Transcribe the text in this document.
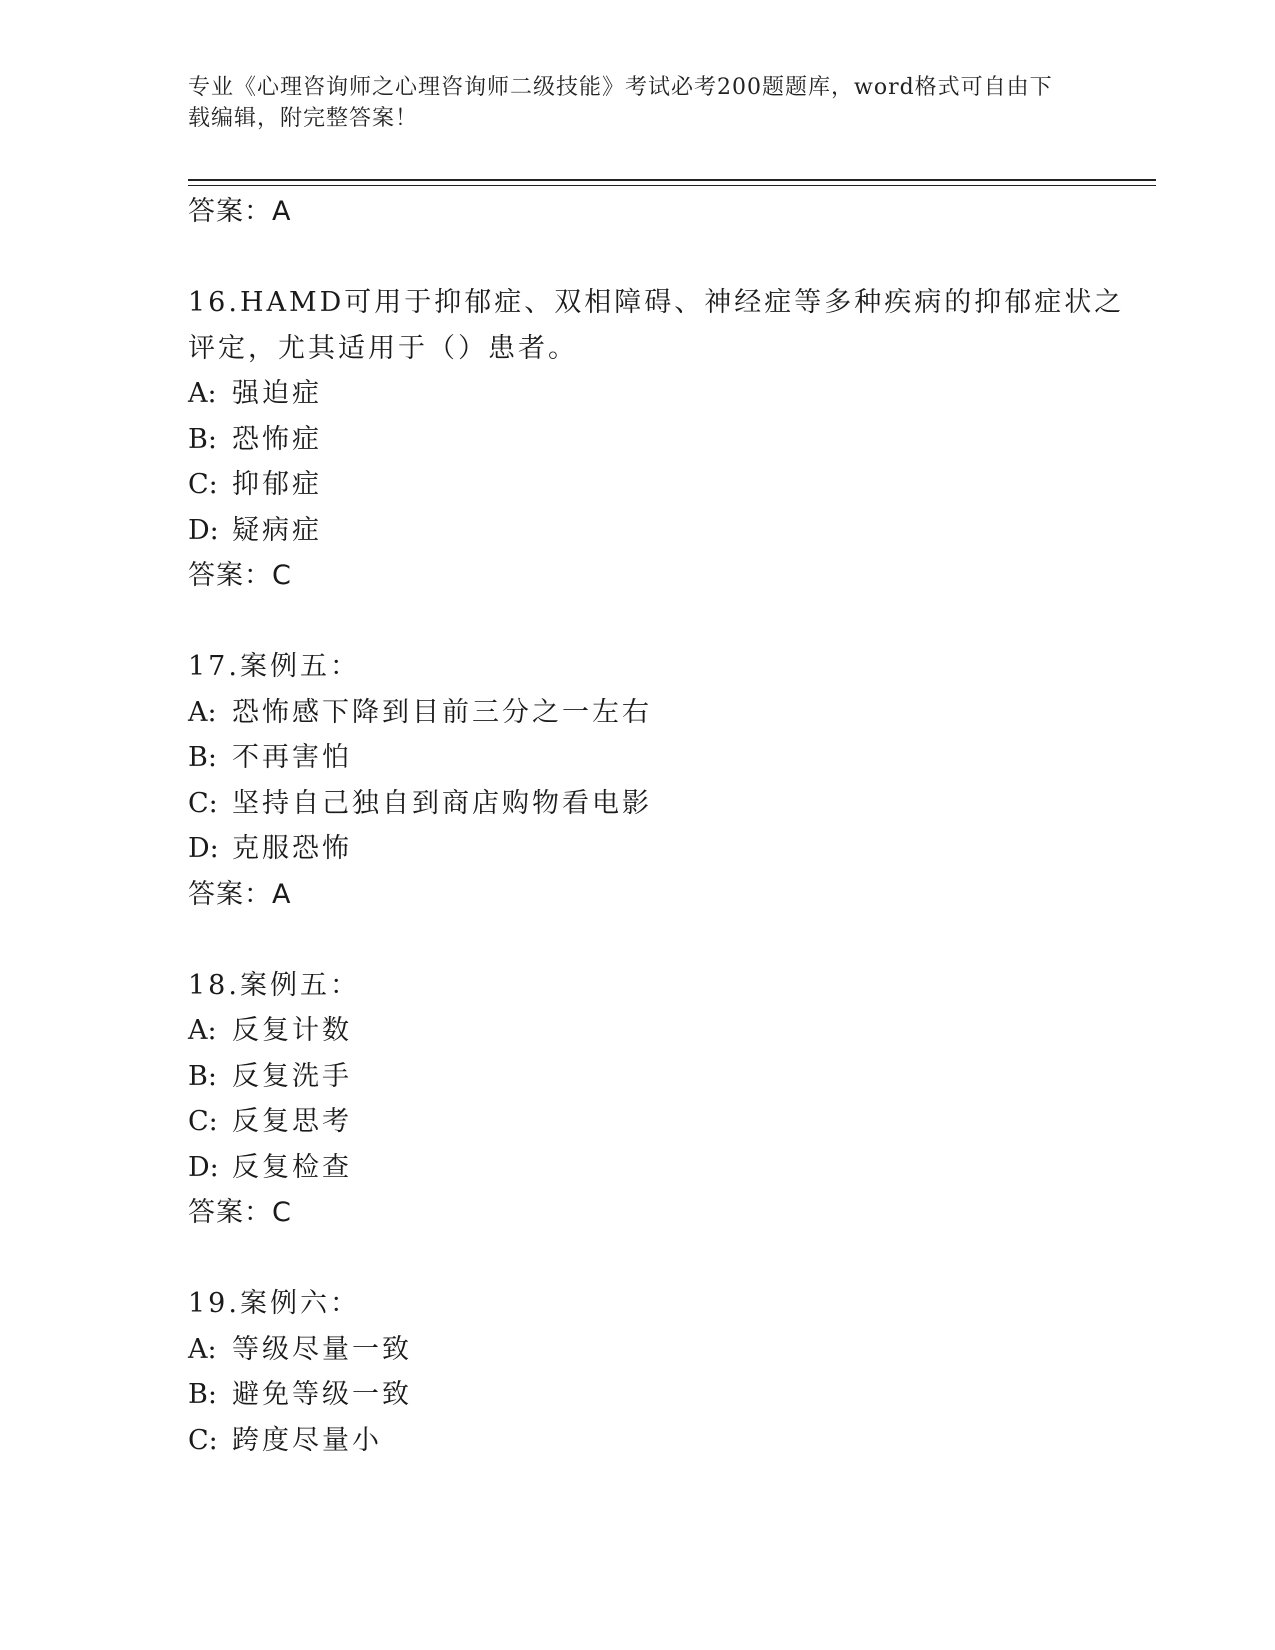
专业《心理咨询师之心理咨询师二级技能》考试必考200题题库，word格式可自由下载编辑，附完整答案！
答案：A
16.HAMD可用于抑郁症、双相障碍、神经症等多种疾病的抑郁症状之评定，尤其适用于（）患者。
A: 强迫症
B: 恐怖症
C: 抑郁症
D: 疑病症
答案：C
17.案例五：
A: 恐怖感下降到目前三分之一左右
B: 不再害怕
C: 坚持自己独自到商店购物看电影
D: 克服恐怖
答案：A
18.案例五：
A: 反复计数
B: 反复洗手
C: 反复思考
D: 反复检查
答案：C
19.案例六：
A: 等级尽量一致
B: 避免等级一致
C: 跨度尽量小
